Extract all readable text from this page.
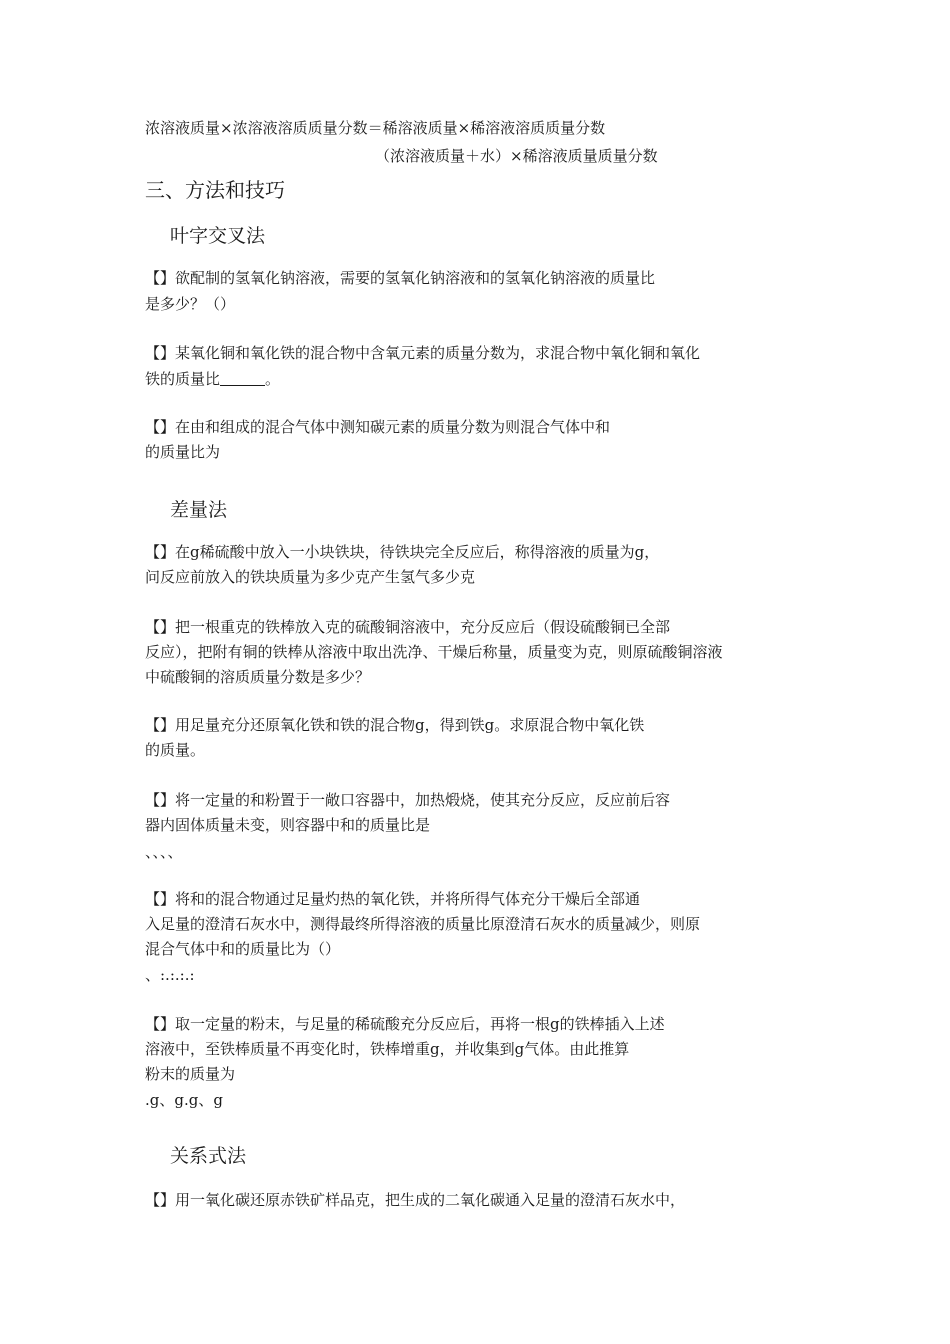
浓溶液质量×浓溶液溶质质量分数＝稀溶液质量×稀溶液溶质质量分数
（浓溶液质量＋水）×稀溶液质量质量分数
三、方法和技巧
叶字交叉法
【】欲配制的氢氧化钠溶液，需要的氢氧化钠溶液和的氢氧化钠溶液的质量比
是多少？（）
【】某氧化铜和氧化铁的混合物中含氧元素的质量分数为，求混合物中氧化铜和氧化
铁的质量比　　　	。
【】在由和组成的混合气体中测知碳元素的质量分数为则混合气体中和
的质量比为
差量法
【】在g稀硫酸中放入一小块铁块，待铁块完全反应后，称得溶液的质量为g，
问反应前放入的铁块质量为多少克产生氢气多少克
【】把一根重克的铁棒放入克的硫酸铜溶液中，充分反应后（假设硫酸铜已全部
反应），把附有铜的铁棒从溶液中取出洗净、干燥后称量，质量变为克，则原硫酸铜溶液
中硫酸铜的溶质质量分数是多少？
【】用足量充分还原氧化铁和铁的混合物g，得到铁g。求原混合物中氧化铁
的质量。
【】将一定量的和粉置于一敞口容器中，加热煅烧，使其充分反应，反应前后容
器内固体质量未变，则容器中和的质量比是
、、、、
【】将和的混合物通过足量灼热的氧化铁，并将所得气体充分干燥后全部通
入足量的澄清石灰水中，测得最终所得溶液的质量比原澄清石灰水的质量减少，则原
混合气体中和的质量比为（）
、:.:.:.:
【】取一定量的粉末，与足量的稀硫酸充分反应后，再将一根g的铁棒插入上述
溶液中，至铁棒质量不再变化时，铁棒增重g，并收集到g气体。由此推算
粉末的质量为
.g、g.g、g
关系式法
【】用一氧化碳还原赤铁矿样品克，把生成的二氧化碳通入足量的澄清石灰水中，
